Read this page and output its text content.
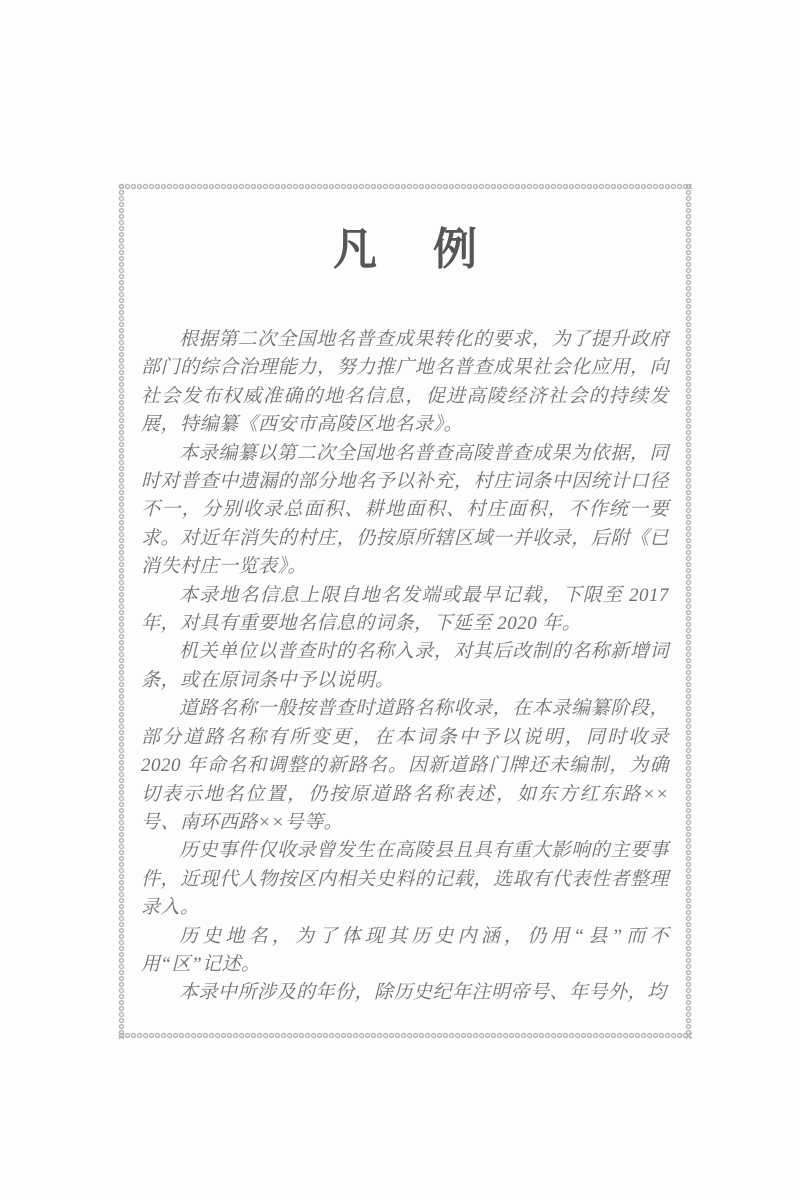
凡　例

根据第二次全国地名普查成果转化的要求，为了提升政府部门的综合治理能力，努力推广地名普查成果社会化应用，向社会发布权威准确的地名信息，促进高陵经济社会的持续发展，特编纂《西安市高陵区地名录》。

本录编纂以第二次全国地名普查高陵普查成果为依据，同时对普查中遗漏的部分地名予以补充，村庄词条中因统计口径不一，分别收录总面积、耕地面积、村庄面积，不作统一要求。对近年消失的村庄，仍按原所辖区域一并收录，后附《已消失村庄一览表》。

本录地名信息上限自地名发端或最早记载，下限至 2017 年，对具有重要地名信息的词条，下延至 2020 年。

机关单位以普查时的名称入录，对其后改制的名称新增词条，或在原词条中予以说明。

道路名称一般按普查时道路名称收录，在本录编纂阶段，部分道路名称有所变更，在本词条中予以说明，同时收录 2020 年命名和调整的新路名。因新道路门牌还未编制，为确切表示地名位置，仍按原道路名称表述，如东方红东路××号、南环西路××号等。

历史事件仅收录曾发生在高陵县且具有重大影响的主要事件，近现代人物按区内相关史料的记载，选取有代表性者整理录入。

历史地名，为了体现其历史内涵，仍用“县”而不用“区”记述。

本录中所涉及的年份，除历史纪年注明帝号、年号外，均
